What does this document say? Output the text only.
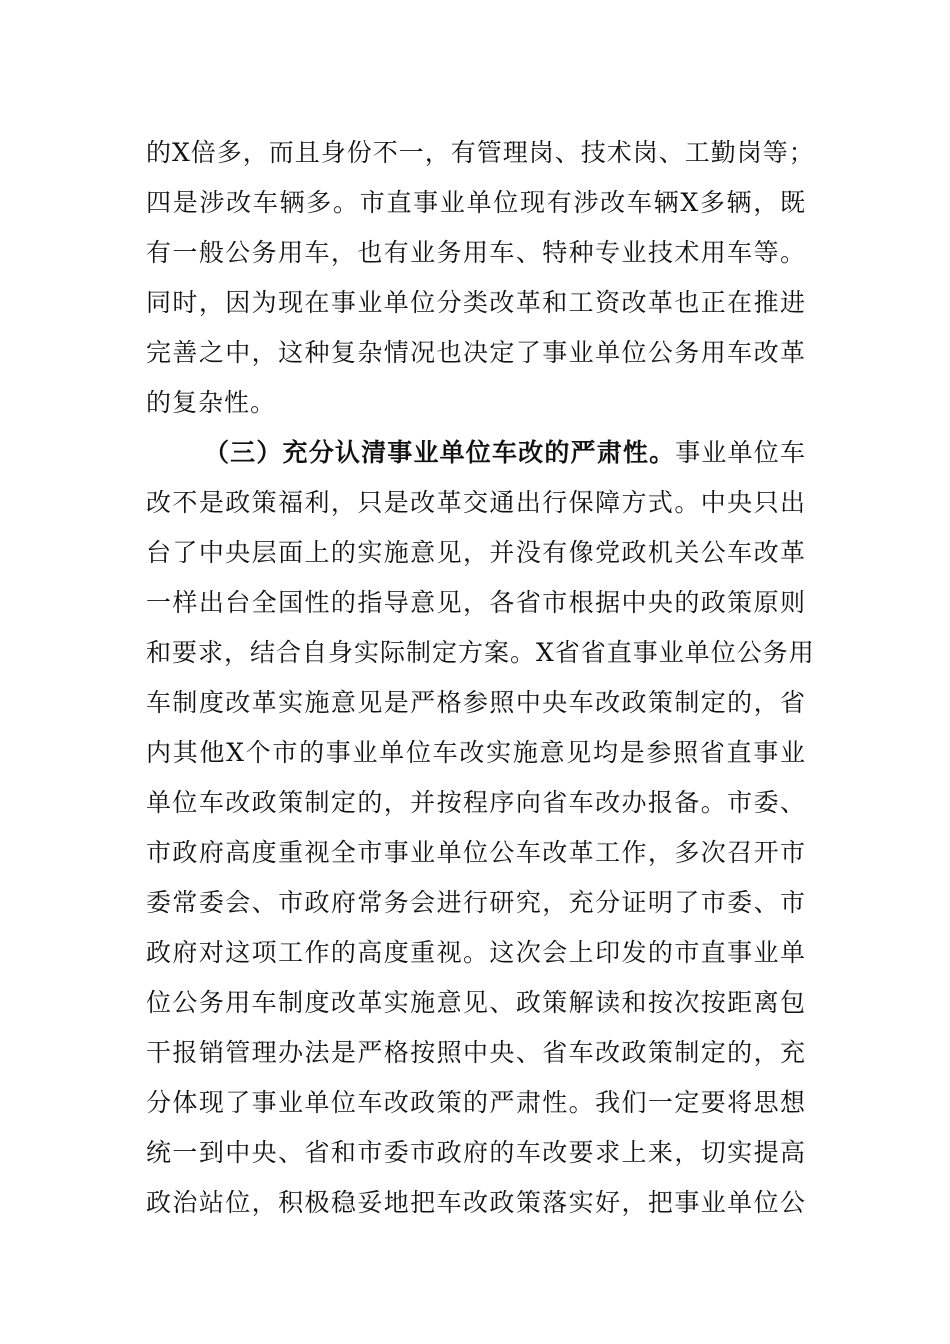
的X倍多，而且身份不一，有管理岗、技术岗、工勤岗等；
四是涉改车辆多。市直事业单位现有涉改车辆X多辆，既
有一般公务用车，也有业务用车、特种专业技术用车等。
同时，因为现在事业单位分类改革和工资改革也正在推进
完善之中，这种复杂情况也决定了事业单位公务用车改革
的复杂性。
（三）充分认清事业单位车改的严肃性。事业单位车
改不是政策福利，只是改革交通出行保障方式。中央只出
台了中央层面上的实施意见，并没有像党政机关公车改革
一样出台全国性的指导意见，各省市根据中央的政策原则
和要求，结合自身实际制定方案。X省省直事业单位公务用
车制度改革实施意见是严格参照中央车改政策制定的，省
内其他X个市的事业单位车改实施意见均是参照省直事业
单位车改政策制定的，并按程序向省车改办报备。市委、
市政府高度重视全市事业单位公车改革工作，多次召开市
委常委会、市政府常务会进行研究，充分证明了市委、市
政府对这项工作的高度重视。这次会上印发的市直事业单
位公务用车制度改革实施意见、政策解读和按次按距离包
干报销管理办法是严格按照中央、省车改政策制定的，充
分体现了事业单位车改政策的严肃性。我们一定要将思想
统一到中央、省和市委市政府的车改要求上来，切实提高
政治站位，积极稳妥地把车改政策落实好，把事业单位公
